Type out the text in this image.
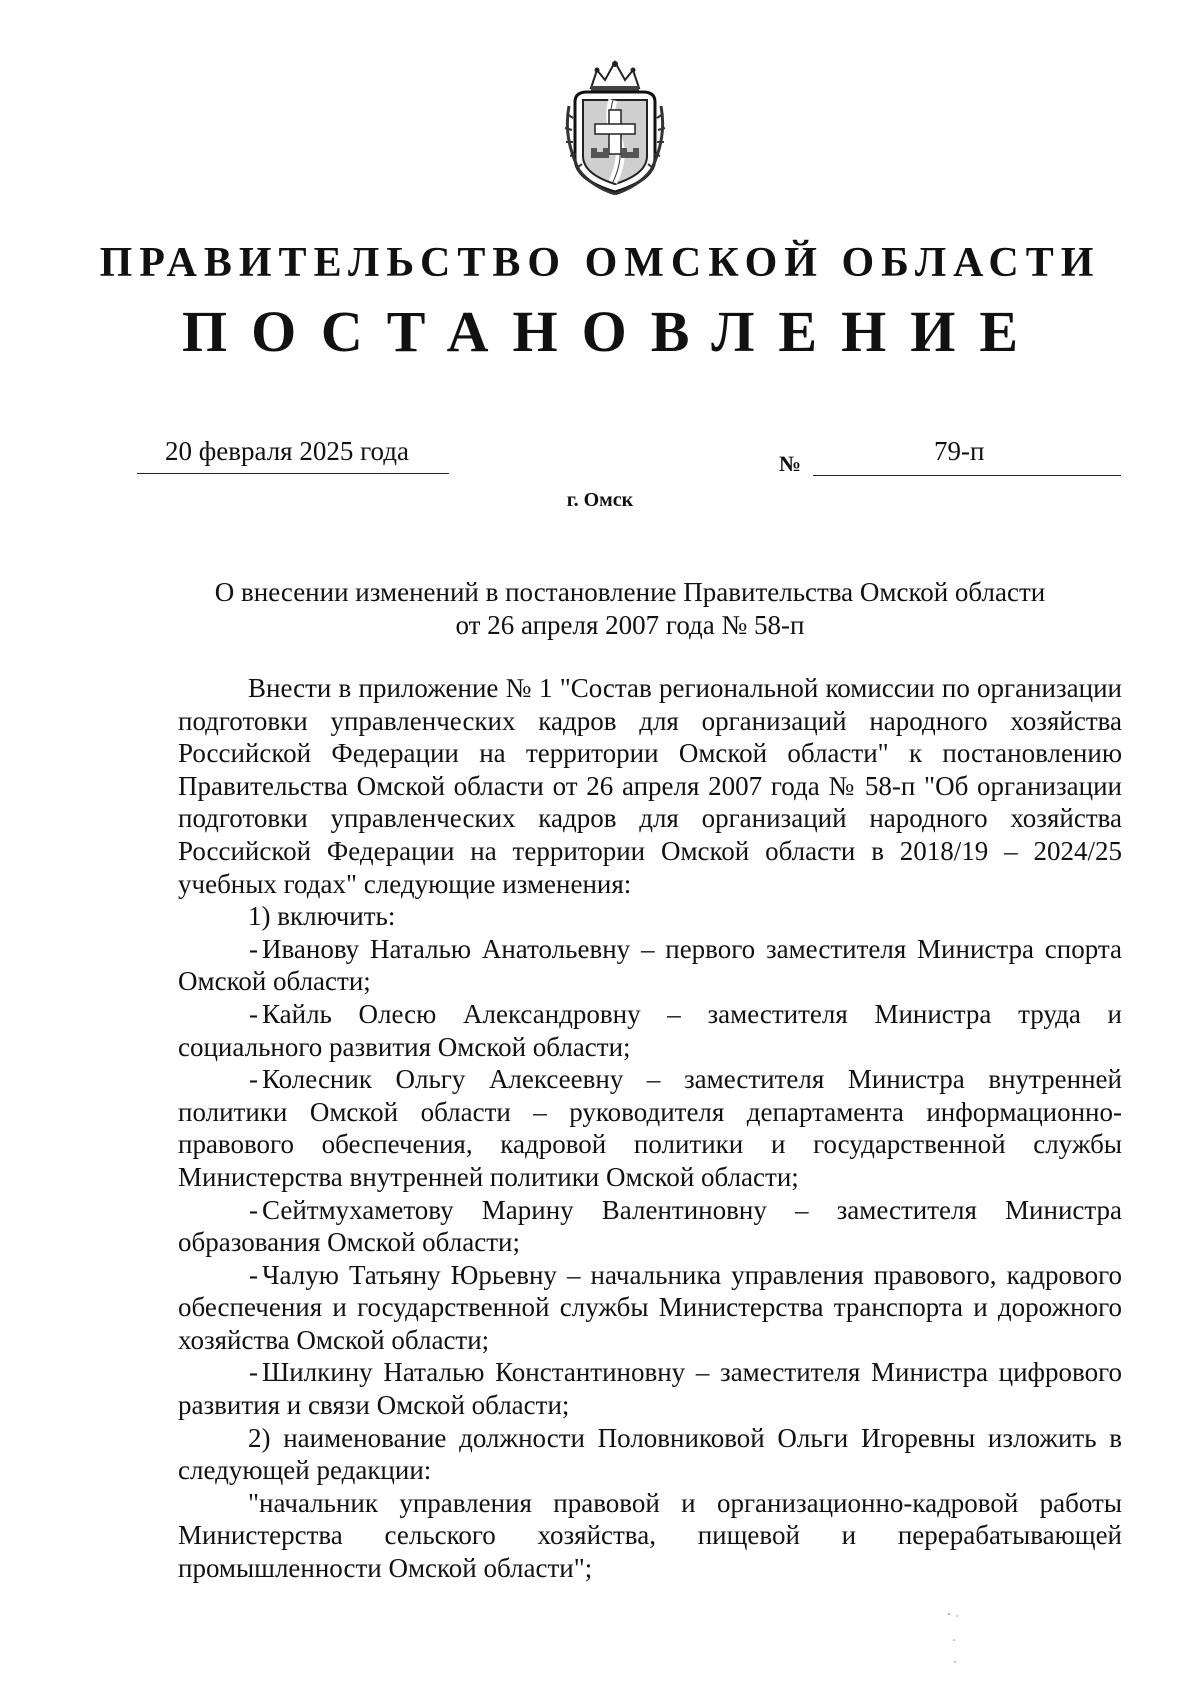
ПРАВИТЕЛЬСТВО ОМСКОЙ ОБЛАСТИ
ПОСТАНОВЛЕНИЕ
20 февраля 2025 года	№	79-п
г. Омск
О внесении изменений в постановление Правительства Омской области
от 26 апреля 2007 года № 58-п

Внести в приложение № 1 "Состав региональной комиссии по организации подготовки управленческих кадров для организаций народного хозяйства Российской Федерации на территории Омской области" к постановлению Правительства Омской области от 26 апреля 2007 года № 58-п "Об организации подготовки управленческих кадров для организаций народного хозяйства Российской Федерации на территории Омской области в 2018/19 – 2024/25 учебных годах" следующие изменения:

1) включить:

- Иванову Наталью Анатольевну – первого заместителя Министра спорта Омской области;

- Кайль Олесю Александровну – заместителя Министра труда и социального развития Омской области;

- Колесник Ольгу Алексеевну – заместителя Министра внутренней политики Омской области – руководителя департамента информационно-правового обеспечения, кадровой политики и государственной службы Министерства внутренней политики Омской области;

- Сейтмухаметову Марину Валентиновну – заместителя Министра образования Омской области;

- Чалую Татьяну Юрьевну – начальника управления правового, кадрового обеспечения и государственной службы Министерства транспорта и дорожного хозяйства Омской области;

- Шилкину Наталью Константиновну – заместителя Министра цифрового развития и связи Омской области;

2) наименование должности Половниковой Ольги Игоревны изложить в следующей редакции:

"начальник управления правовой и организационно-кадровой работы Министерства сельского хозяйства, пищевой и перерабатывающей промышленности Омской области";
